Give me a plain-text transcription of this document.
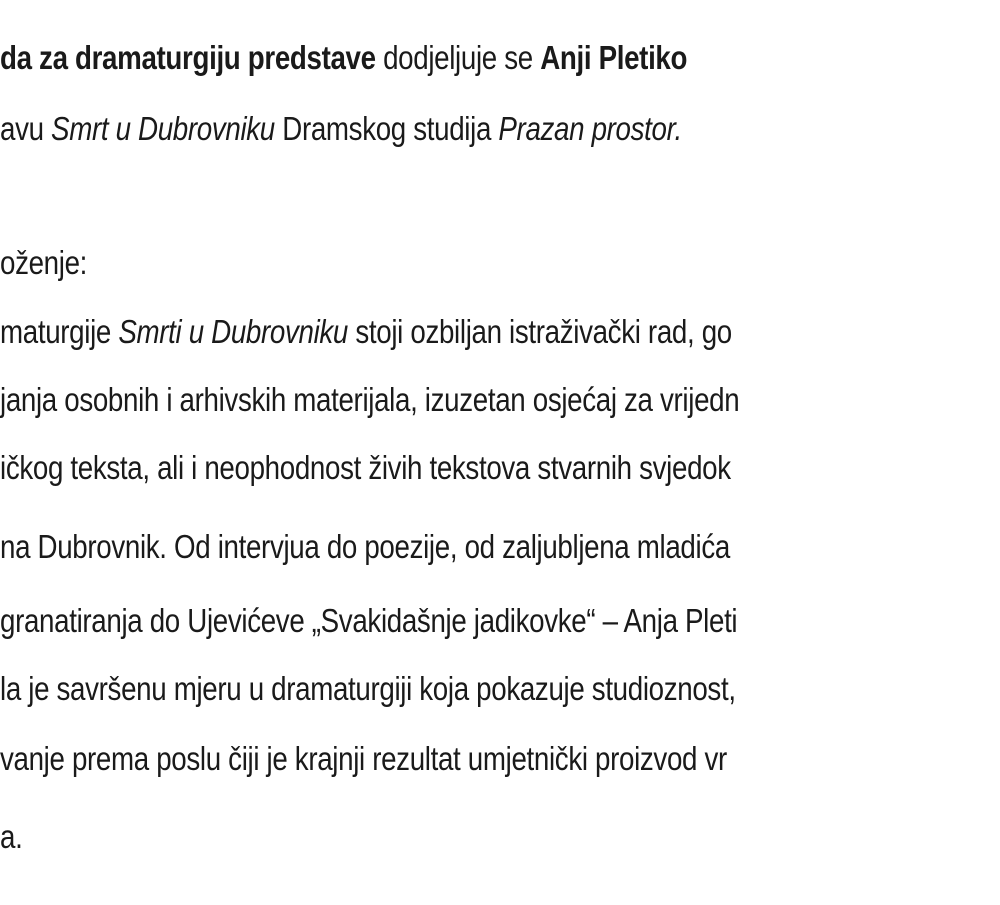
da za dramaturgiju predstave dodjeljuje se Anji Pletiko

avu Smrt u Dubrovniku Dramskog studija Prazan prostor.

oženje:

maturgije Smrti u Dubrovniku stoji ozbiljan istraživački rad, go

janja osobnih i arhivskih materijala, izuzetan osjećaj za vrijedn

ičkog teksta, ali i neophodnost živih tekstova stvarnih svjedok

na Dubrovnik. Od intervjua do poezije, od zaljubljena mladića

granatiranja do Ujevićeve „Svakidašnje jadikovke“ – Anja Pleti

la je savršenu mjeru u dramaturgiji koja pokazuje studioznost,

vanje prema poslu čiji je krajnji rezultat umjetnički proizvod vr

a.
